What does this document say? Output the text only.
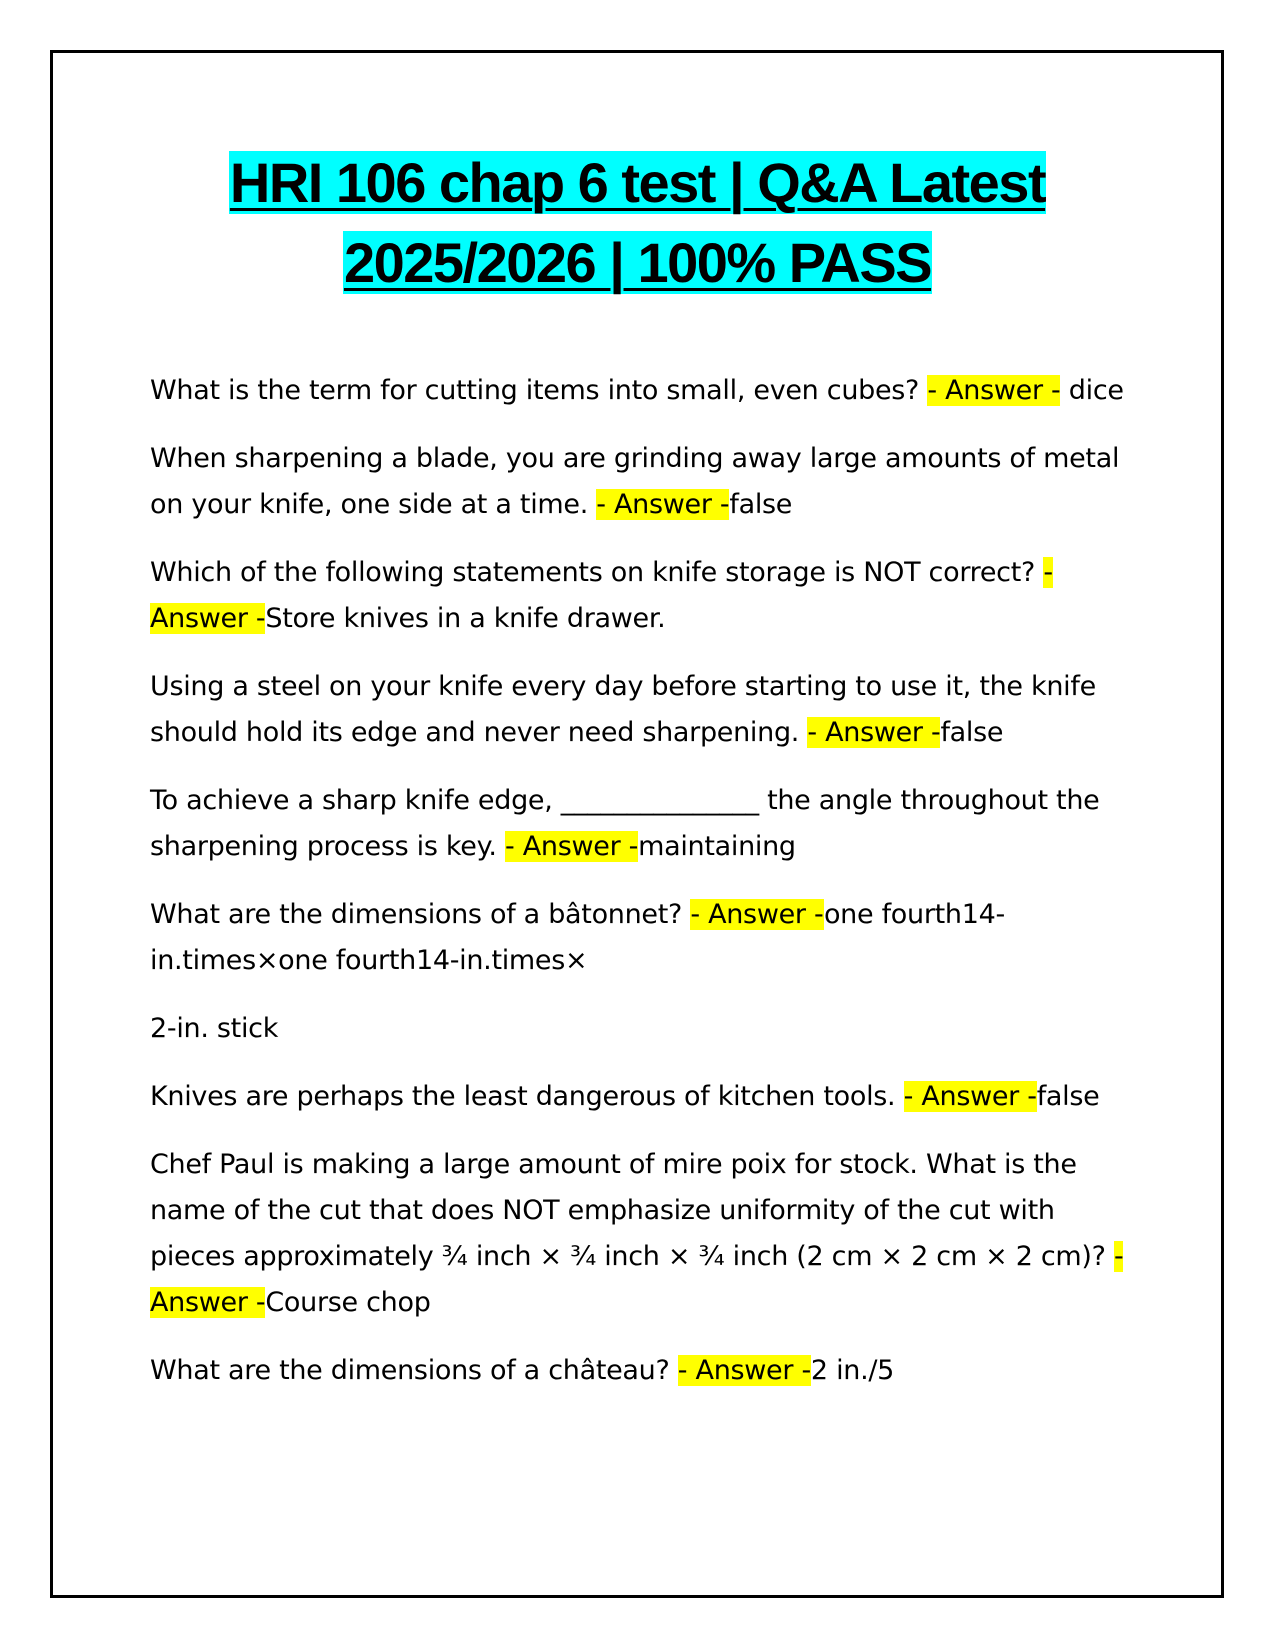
HRI 106 chap 6 test | Q&A Latest
2025/2026 | 100% PASS

What is the term for cutting items into small, even cubes? - Answer - dice

When sharpening a blade, you are grinding away large amounts of metal on your knife, one side at a time. - Answer -false

Which of the following statements on knife storage is NOT correct? - Answer -Store knives in a knife drawer.

Using a steel on your knife every day before starting to use it, the knife should hold its edge and never need sharpening. - Answer -false

To achieve a sharp knife edge, _______________ the angle throughout the sharpening process is key. - Answer -maintaining

What are the dimensions of a bâtonnet? - Answer -one fourth14-in.times×one fourth14-in.times×

2-in. stick

Knives are perhaps the least dangerous of kitchen tools. - Answer -false

Chef Paul is making a large amount of mire poix for stock. What is the name of the cut that does NOT emphasize uniformity of the cut with pieces approximately ¾ inch × ¾ inch × ¾ inch (2 cm × 2 cm × 2 cm)? - Answer -Course chop

What are the dimensions of a château? - Answer -2 in./5
